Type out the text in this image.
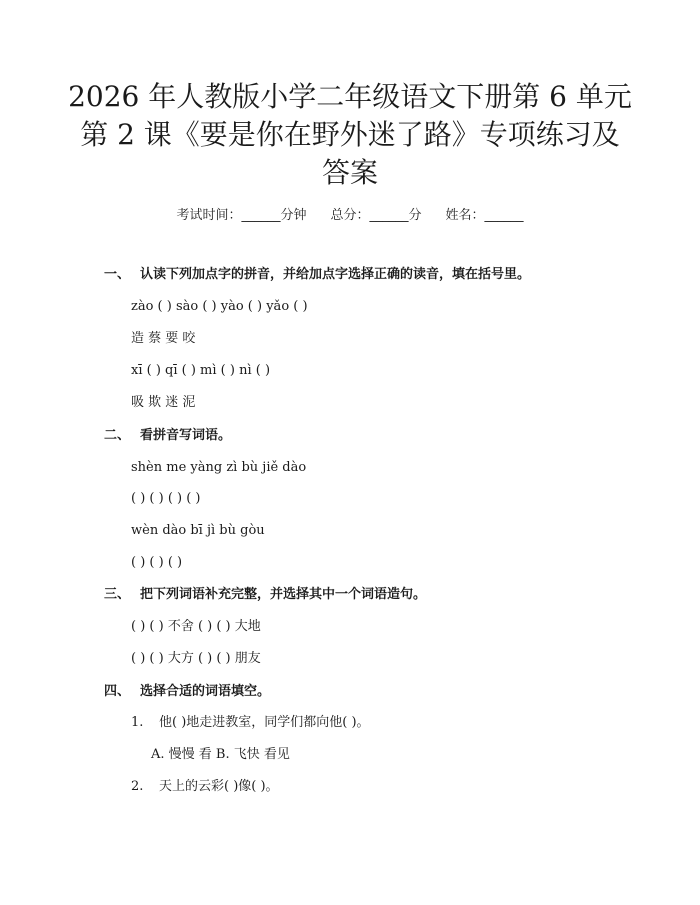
2026 年人教版小学二年级语文下册第 6 单元
第 2 课《要是你在野外迷了路》专项练习及
答案
考试时间：______分钟 总分：______分 姓名：______
一、 认读下列加点字的拼音，并给加点字选择正确的读音，填在括号里。
zào ( ) sào ( ) yào ( ) yǎo ( )
造 蔡 要 咬
xī ( ) qī ( ) mì ( ) nì ( )
吸 欺 迷 泥
二、 看拼音写词语。
shèn me yàng zì bù jiě dào
( ) ( ) ( ) ( )
wèn dào bī jì bù gòu
( ) ( ) ( )
三、 把下列词语补充完整，并选择其中一个词语造句。
( ) ( ) 不舍 ( ) ( ) 大地
( ) ( ) 大方 ( ) ( ) 朋友
四、 选择合适的词语填空。
1. 他( )地走进教室，同学们都向他( )。
A. 慢慢 看 B. 飞快 看见
2. 天上的云彩( )像( )。
